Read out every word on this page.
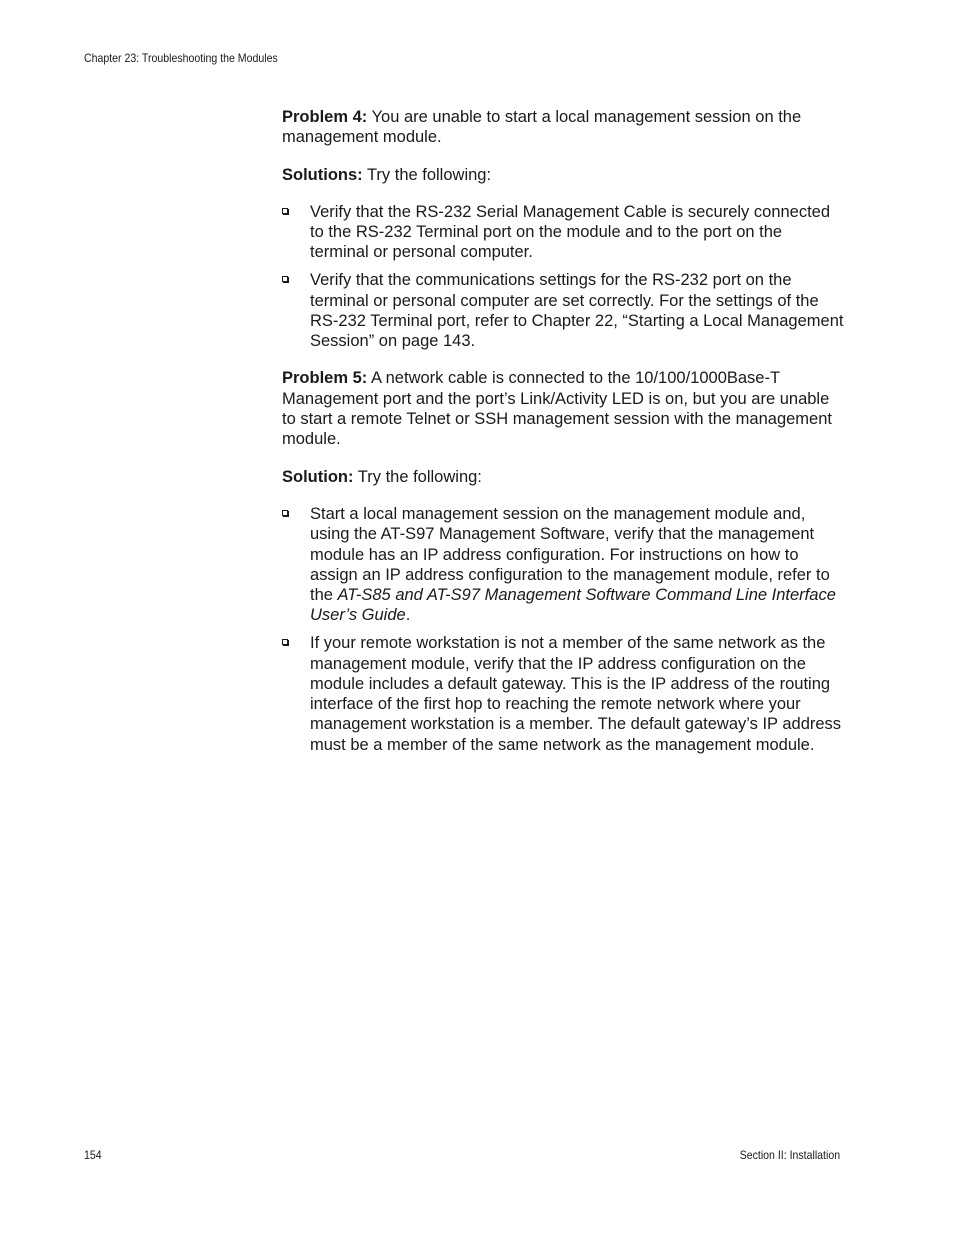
Chapter 23: Troubleshooting the Modules

Problem 4: You are unable to start a local management session on the management module.

Solutions: Try the following:

Verify that the RS-232 Serial Management Cable is securely connected to the RS-232 Terminal port on the module and to the port on the terminal or personal computer.
Verify that the communications settings for the RS-232 port on the terminal or personal computer are set correctly. For the settings of the RS-232 Terminal port, refer to Chapter 22, “Starting a Local Management Session” on page 143.

Problem 5: A network cable is connected to the 10/100/1000Base-T Management port and the port’s Link/Activity LED is on, but you are unable to start a remote Telnet or SSH management session with the management module.

Solution: Try the following:

Start a local management session on the management module and, using the AT-S97 Management Software, verify that the management module has an IP address configuration. For instructions on how to assign an IP address configuration to the management module, refer to the AT-S85 and AT-S97 Management Software Command Line Interface User’s Guide.
If your remote workstation is not a member of the same network as the management module, verify that the IP address configuration on the module includes a default gateway. This is the IP address of the routing interface of the first hop to reaching the remote network where your management workstation is a member. The default gateway’s IP address must be a member of the same network as the management module.
154	Section II: Installation
